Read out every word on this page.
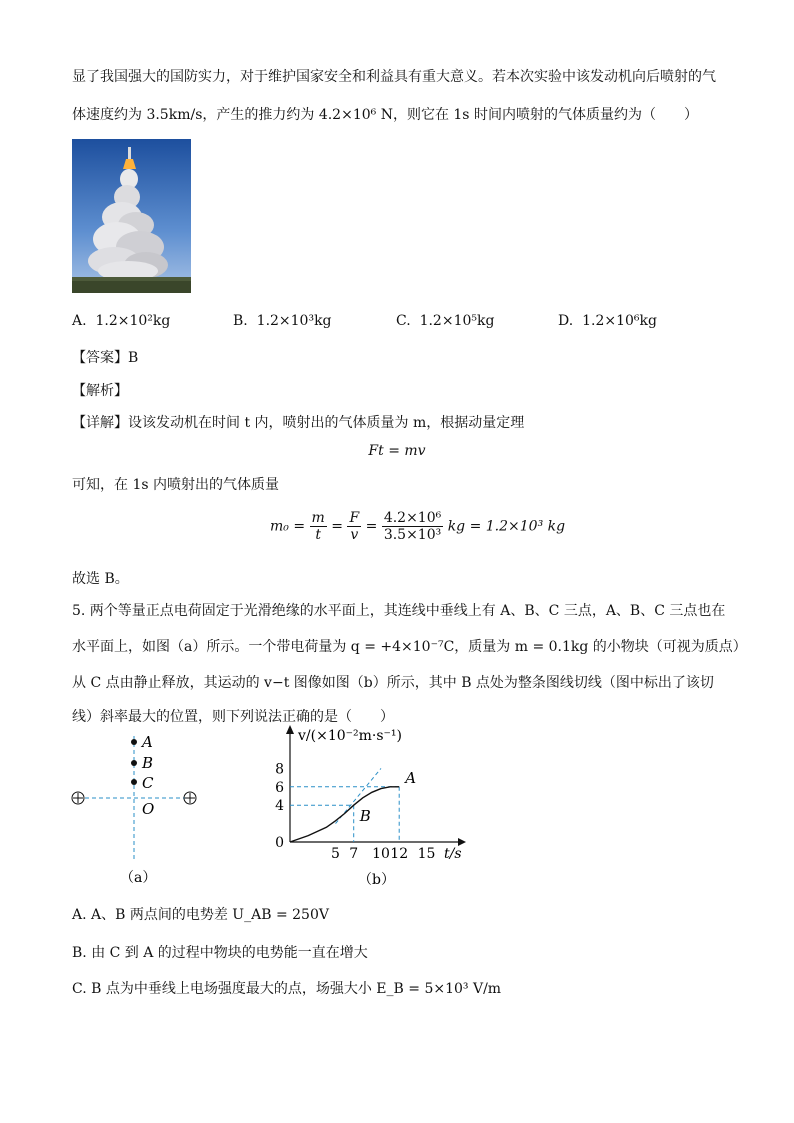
显了我国强大的国防实力，对于维护国家安全和利益具有重大意义。若本次实验中该发动机向后喷射的气
体速度约为 3.5km/s，产生的推力约为 4.2×10⁶ N，则它在 1s 时间内喷射的气体质量约为（　　）
A. 1.2×10²kg	B. 1.2×10³kg	C. 1.2×10⁵kg	D. 1.2×10⁶kg
【答案】B
【解析】
【详解】设该发动机在时间 t 内，喷射出的气体质量为 m，根据动量定理
Ft = mv
可知，在 1s 内喷射出的气体质量
$m_0 = \frac{m}{t} = \frac{F}{v} = \frac{\text{4.2×10⁶}}{\text{3.5×10³}}$ kg = 1.2×10³ kg
故选 B。
5. 两个等量正点电荷固定于光滑绝缘的水平面上，其连线中垂线上有 A、B、C 三点，A、B、C 三点也在
水平面上，如图（a）所示。一个带电荷量为 q = +4×10⁻⁷C，质量为 m = 0.1kg 的小物块（可视为质点）
从 C 点由静止释放，其运动的 v−t 图像如图（b）所示，其中 B 点处为整条图线切线（图中标出了该切
线）斜率最大的位置，则下列说法正确的是（　　）
A
B
C
O
（a）
v/(×10⁻²m·s⁻¹)
t/s
B
A
5 7 10 12 15
0
4
6
8
（b）
A. A、B 两点间的电势差 U_AB = 250V
B. 由 C 到 A 的过程中物块的电势能一直在增大
C. B 点为中垂线上电场强度最大的点，场强大小 E_B = 5×10³ V/m
